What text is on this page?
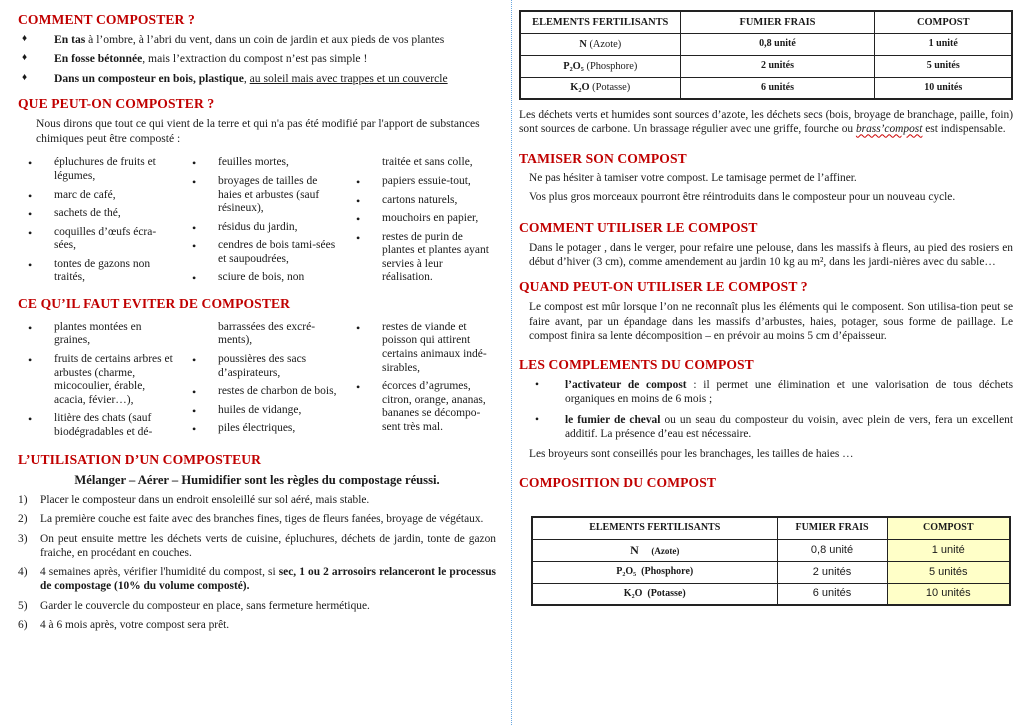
COMMENT COMPOSTER ?
♦ En tas à l’ombre, à l’abri du vent, dans un coin de jardin et aux pieds de vos plantes
♦ En fosse bétonnée, mais l’extraction du compost n’est pas simple !
♦ Dans un composteur en bois, plastique, au soleil mais avec trappes et un couvercle
QUE PEUT-ON COMPOSTER ?

Nous dirons que tout ce qui vient de la terre et qui n'a pas été modifié par l'apport de substances chimiques peut être composté :

• épluchures de fruits et légumes,
• marc de café,
• sachets de thé,
• coquilles d’œufs écra-sées,
• tontes de gazons non traités,
• feuilles mortes,
• broyages de tailles de haies et arbustes (sauf résineux),
• résidus du jardin,
• cendres de bois tami-sées et saupoudrées,
• sciure de bois, non
traitée et sans colle,
• papiers essuie-tout,
• cartons naturels,
• mouchoirs en papier,
• restes de purin de plantes et plantes ayant servies à leur réalisation.
CE QU’IL FAUT EVITER DE COMPOSTER
• plantes montées en graines,
• fruits de certains arbres et arbustes (charme, micocoulier, érable, acacia, févier…),
• litière des chats (sauf biodégradables et dé-
barrassées des excré-ments),
• poussières des sacs d’aspirateurs,
• restes de charbon de bois,
• huiles de vidange,
• piles électriques,
• restes de viande et poisson qui attirent certains animaux indé-sirables,
• écorces d’agrumes, citron, orange, ananas, bananes se décompo-sent très mal.
L’UTILISATION D’UN COMPOSTEUR

Mélanger – Aérer – Humidifier sont les règles du compostage réussi.

1) Placer le composteur dans un endroit ensoleillé sur sol aéré, mais stable.
2) La première couche est faite avec des branches fines, tiges de fleurs fanées, broyage de végétaux.
3) On peut ensuite mettre les déchets verts de cuisine, épluchures, déchets de jardin, tonte de gazon fraiche, en procédant en couches.
4) 4 semaines après, vérifier l'humidité du compost, si sec, 1 ou 2 arrosoirs relanceront le processus de compostage (10% du volume composté).
5) Garder le couvercle du composteur en place, sans fermeture hermétique.
6) 4 à 6 mois après, votre compost sera prêt.
ELEMENTS FERTILISANTS	FUMIER FRAIS	COMPOST
N (Azote)	0,8 unité	1 unité
P₂O₅ (Phosphore)	2 unités	5 unités
K₂O (Potasse)	6 unités	10 unités

Les déchets verts et humides sont sources d’azote, les déchets secs (bois, broyage de branchage, paille, foin) sont sources de carbone. Un brassage régulier avec une griffe, fourche ou brass’compost est indispensable.

TAMISER SON COMPOST

Ne pas hésiter à tamiser votre compost. Le tamisage permet de l’affiner.

Vos plus gros morceaux pourront être réintroduits dans le composteur pour un nouveau cycle.

COMMENT UTILISER LE COMPOST

Dans le potager , dans le verger, pour refaire une pelouse, dans les massifs à fleurs, au pied des rosiers en début d’hiver (3 cm), comme amendement au jardin 10 kg au m², dans les jardi-nières avec du sable…

QUAND PEUT-ON UTILISER LE COMPOST ?

Le compost est mûr lorsque l’on ne reconnaît plus les éléments qui le composent. Son utilisa-tion peut se faire avant, par un épandage dans les massifs d’arbustes, haies, potager, sous forme de paillage. Le compost finira sa lente décomposition – en prévoir au moins 5 cm d’épaisseur.

LES COMPLEMENTS DU COMPOST
• l’activateur de compost : il permet une élimination et une valorisation de tous déchets organiques en moins de 6 mois ;
• le fumier de cheval ou un seau du composteur du voisin, avec plein de vers, fera un excellent additif. La présence d’eau est nécessaire.

Les broyeurs sont conseillés pour les branchages, les tailles de haies …

COMPOSITION DU COMPOST
ELEMENTS FERTILISANTS	FUMIER FRAIS	COMPOST
N (Azote)	0,8 unité	1 unité
P₂O₅ (Phosphore)	2 unités	5 unités
K₂O (Potasse)	6 unités	10 unités
